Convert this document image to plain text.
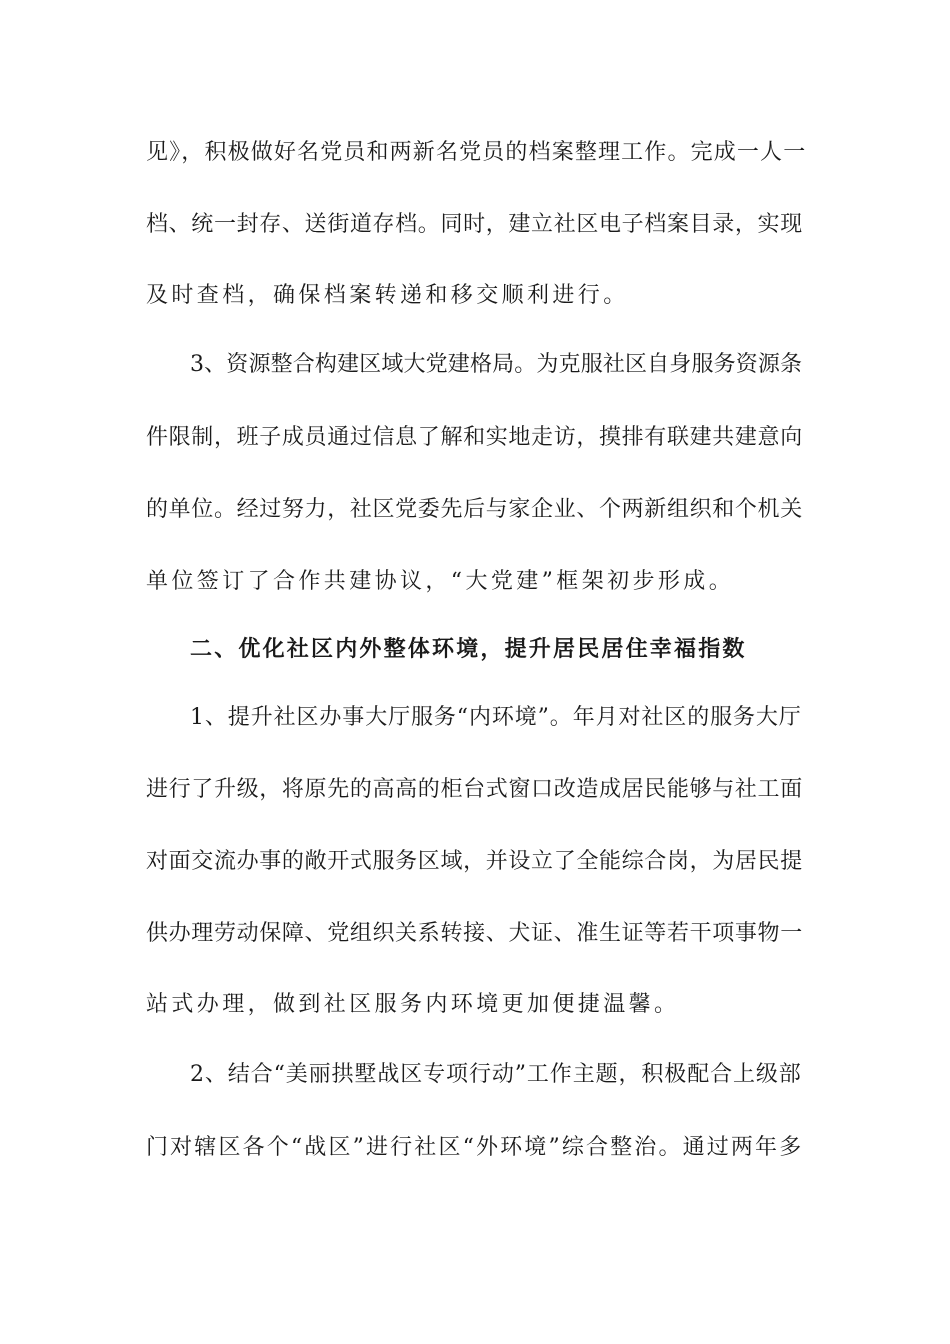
见》，积极做好名党员和两新名党员的档案整理工作。完成一人一
档、统一封存、送街道存档。同时，建立社区电子档案目录，实现
及时查档，确保档案转递和移交顺利进行。
3、资源整合构建区域大党建格局。为克服社区自身服务资源条
件限制，班子成员通过信息了解和实地走访，摸排有联建共建意向
的单位。经过努力，社区党委先后与家企业、个两新组织和个机关
单位签订了合作共建协议，“大党建”框架初步形成。
二、优化社区内外整体环境，提升居民居住幸福指数
1、提升社区办事大厅服务“内环境”。年月对社区的服务大厅
进行了升级，将原先的高高的柜台式窗口改造成居民能够与社工面
对面交流办事的敞开式服务区域，并设立了全能综合岗，为居民提
供办理劳动保障、党组织关系转接、犬证、准生证等若干项事物一
站式办理，做到社区服务内环境更加便捷温馨。
2、结合“美丽拱墅战区专项行动”工作主题，积极配合上级部
门对辖区各个“战区”进行社区“外环境”综合整治。通过两年多
